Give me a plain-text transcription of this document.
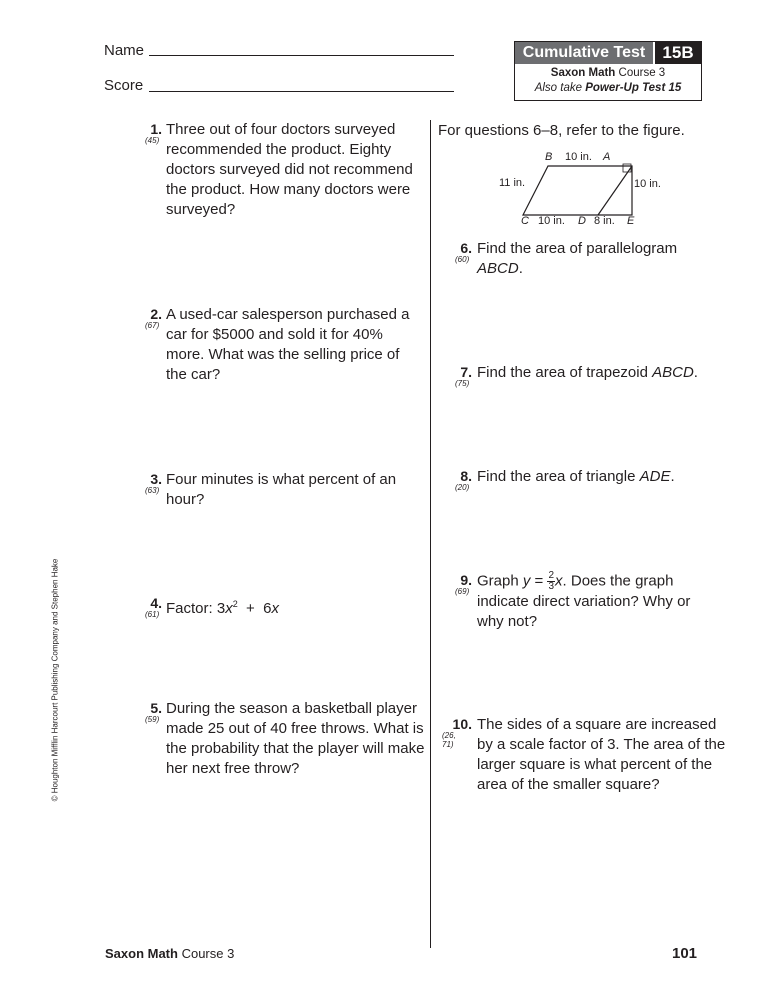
Name
Score
Cumulative Test	15B
Saxon Math Course 3
Also take Power-Up Test 15
1.
(45)
Three out of four doctors surveyed recommended the product. Eighty doctors surveyed did not recommend the product. How many doctors were surveyed?
2.
(67)
A used-car salesperson purchased a car for $5000 and sold it for 40% more. What was the selling price of the car?
3.
(63)
Four minutes is what percent of an hour?
4.
(61) Factor: $3x^2 + 6x$
5.
(59)
During the season a basketball player made 25 out of 40 free throws. What is the probability that the player will make her next free throw?
For questions 6–8, refer to the figure.
B 10 in. A
11 in.	10 in.
C 10 in. D 8 in. E
6.
(60)
Find the area of parallelogram
ABCD.
7.
(75)
Find the area of trapezoid ABCD.
8.
(20)
Find the area of triangle ADE.
9.
(69)
Graph $y = \frac{2}{3} x$. Does the graph indicate direct variation? Why or why not?
10.
(26, 71)
The sides of a square are increased by a scale factor of 3. The area of the larger square is what percent of the area of the smaller square?
© Houghton Mifflin Harcourt Publishing Company and Stephen Hake
Saxon Math Course 3	101
